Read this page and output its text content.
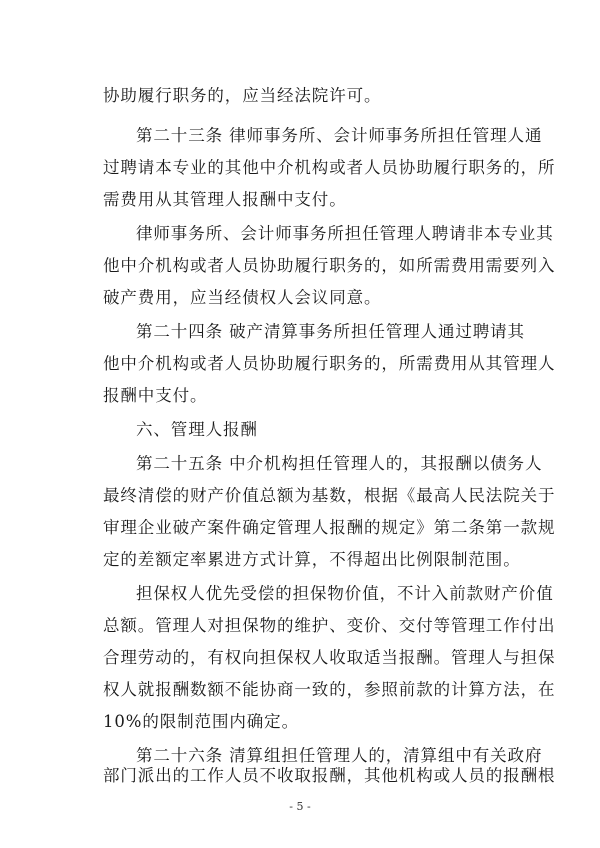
协助履行职务的，应当经法院许可。
第二十三条 律师事务所、会计师事务所担任管理人通
过聘请本专业的其他中介机构或者人员协助履行职务的，所
需费用从其管理人报酬中支付。
律师事务所、会计师事务所担任管理人聘请非本专业其
他中介机构或者人员协助履行职务的，如所需费用需要列入
破产费用，应当经债权人会议同意。
第二十四条 破产清算事务所担任管理人通过聘请其
他中介机构或者人员协助履行职务的，所需费用从其管理人
报酬中支付。
六、管理人报酬
第二十五条 中介机构担任管理人的，其报酬以债务人
最终清偿的财产价值总额为基数，根据《最高人民法院关于
审理企业破产案件确定管理人报酬的规定》第二条第一款规
定的差额定率累进方式计算，不得超出比例限制范围。
担保权人优先受偿的担保物价值，不计入前款财产价值
总额。管理人对担保物的维护、变价、交付等管理工作付出
合理劳动的，有权向担保权人收取适当报酬。管理人与担保
权人就报酬数额不能协商一致的，参照前款的计算方法，在
10%的限制范围内确定。
第二十六条 清算组担任管理人的，清算组中有关政府
部门派出的工作人员不收取报酬，其他机构或人员的报酬根
- 5 -
